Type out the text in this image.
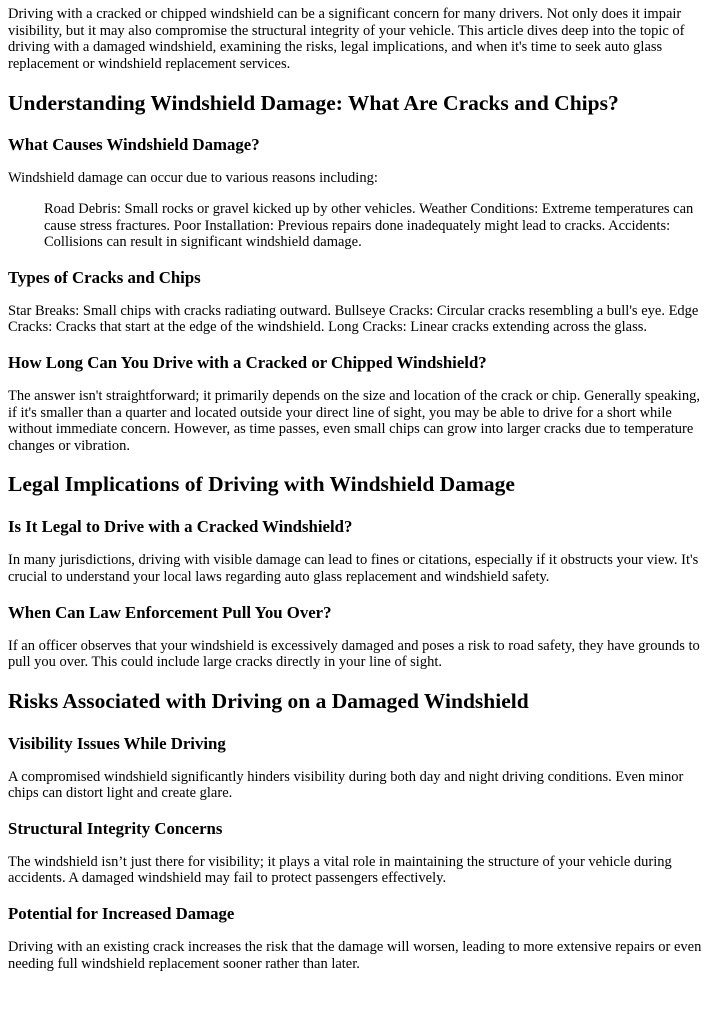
Driving with a cracked or chipped windshield can be a significant concern for many drivers. Not only does it impair visibility, but it may also compromise the structural integrity of your vehicle. This article dives deep into the topic of driving with a damaged windshield, examining the risks, legal implications, and when it's time to seek auto glass replacement or windshield replacement services.

Understanding Windshield Damage: What Are Cracks and Chips?
What Causes Windshield Damage?

Windshield damage can occur due to various reasons including:

Road Debris: Small rocks or gravel kicked up by other vehicles. Weather Conditions: Extreme temperatures can cause stress fractures. Poor Installation: Previous repairs done inadequately might lead to cracks. Accidents: Collisions can result in significant windshield damage.

Types of Cracks and Chips

Star Breaks: Small chips with cracks radiating outward. Bullseye Cracks: Circular cracks resembling a bull's eye. Edge Cracks: Cracks that start at the edge of the windshield. Long Cracks: Linear cracks extending across the glass.

How Long Can You Drive with a Cracked or Chipped Windshield?

The answer isn't straightforward; it primarily depends on the size and location of the crack or chip. Generally speaking, if it's smaller than a quarter and located outside your direct line of sight, you may be able to drive for a short while without immediate concern. However, as time passes, even small chips can grow into larger cracks due to temperature changes or vibration.

Legal Implications of Driving with Windshield Damage
Is It Legal to Drive with a Cracked Windshield?

In many jurisdictions, driving with visible damage can lead to fines or citations, especially if it obstructs your view. It's crucial to understand your local laws regarding auto glass replacement and windshield safety.

When Can Law Enforcement Pull You Over?

If an officer observes that your windshield is excessively damaged and poses a risk to road safety, they have grounds to pull you over. This could include large cracks directly in your line of sight.

Risks Associated with Driving on a Damaged Windshield
Visibility Issues While Driving

A compromised windshield significantly hinders visibility during both day and night driving conditions. Even minor chips can distort light and create glare.

Structural Integrity Concerns

The windshield isn’t just there for visibility; it plays a vital role in maintaining the structure of your vehicle during accidents. A damaged windshield may fail to protect passengers effectively.

Potential for Increased Damage

Driving with an existing crack increases the risk that the damage will worsen, leading to more extensive repairs or even needing full windshield replacement sooner rather than later.
